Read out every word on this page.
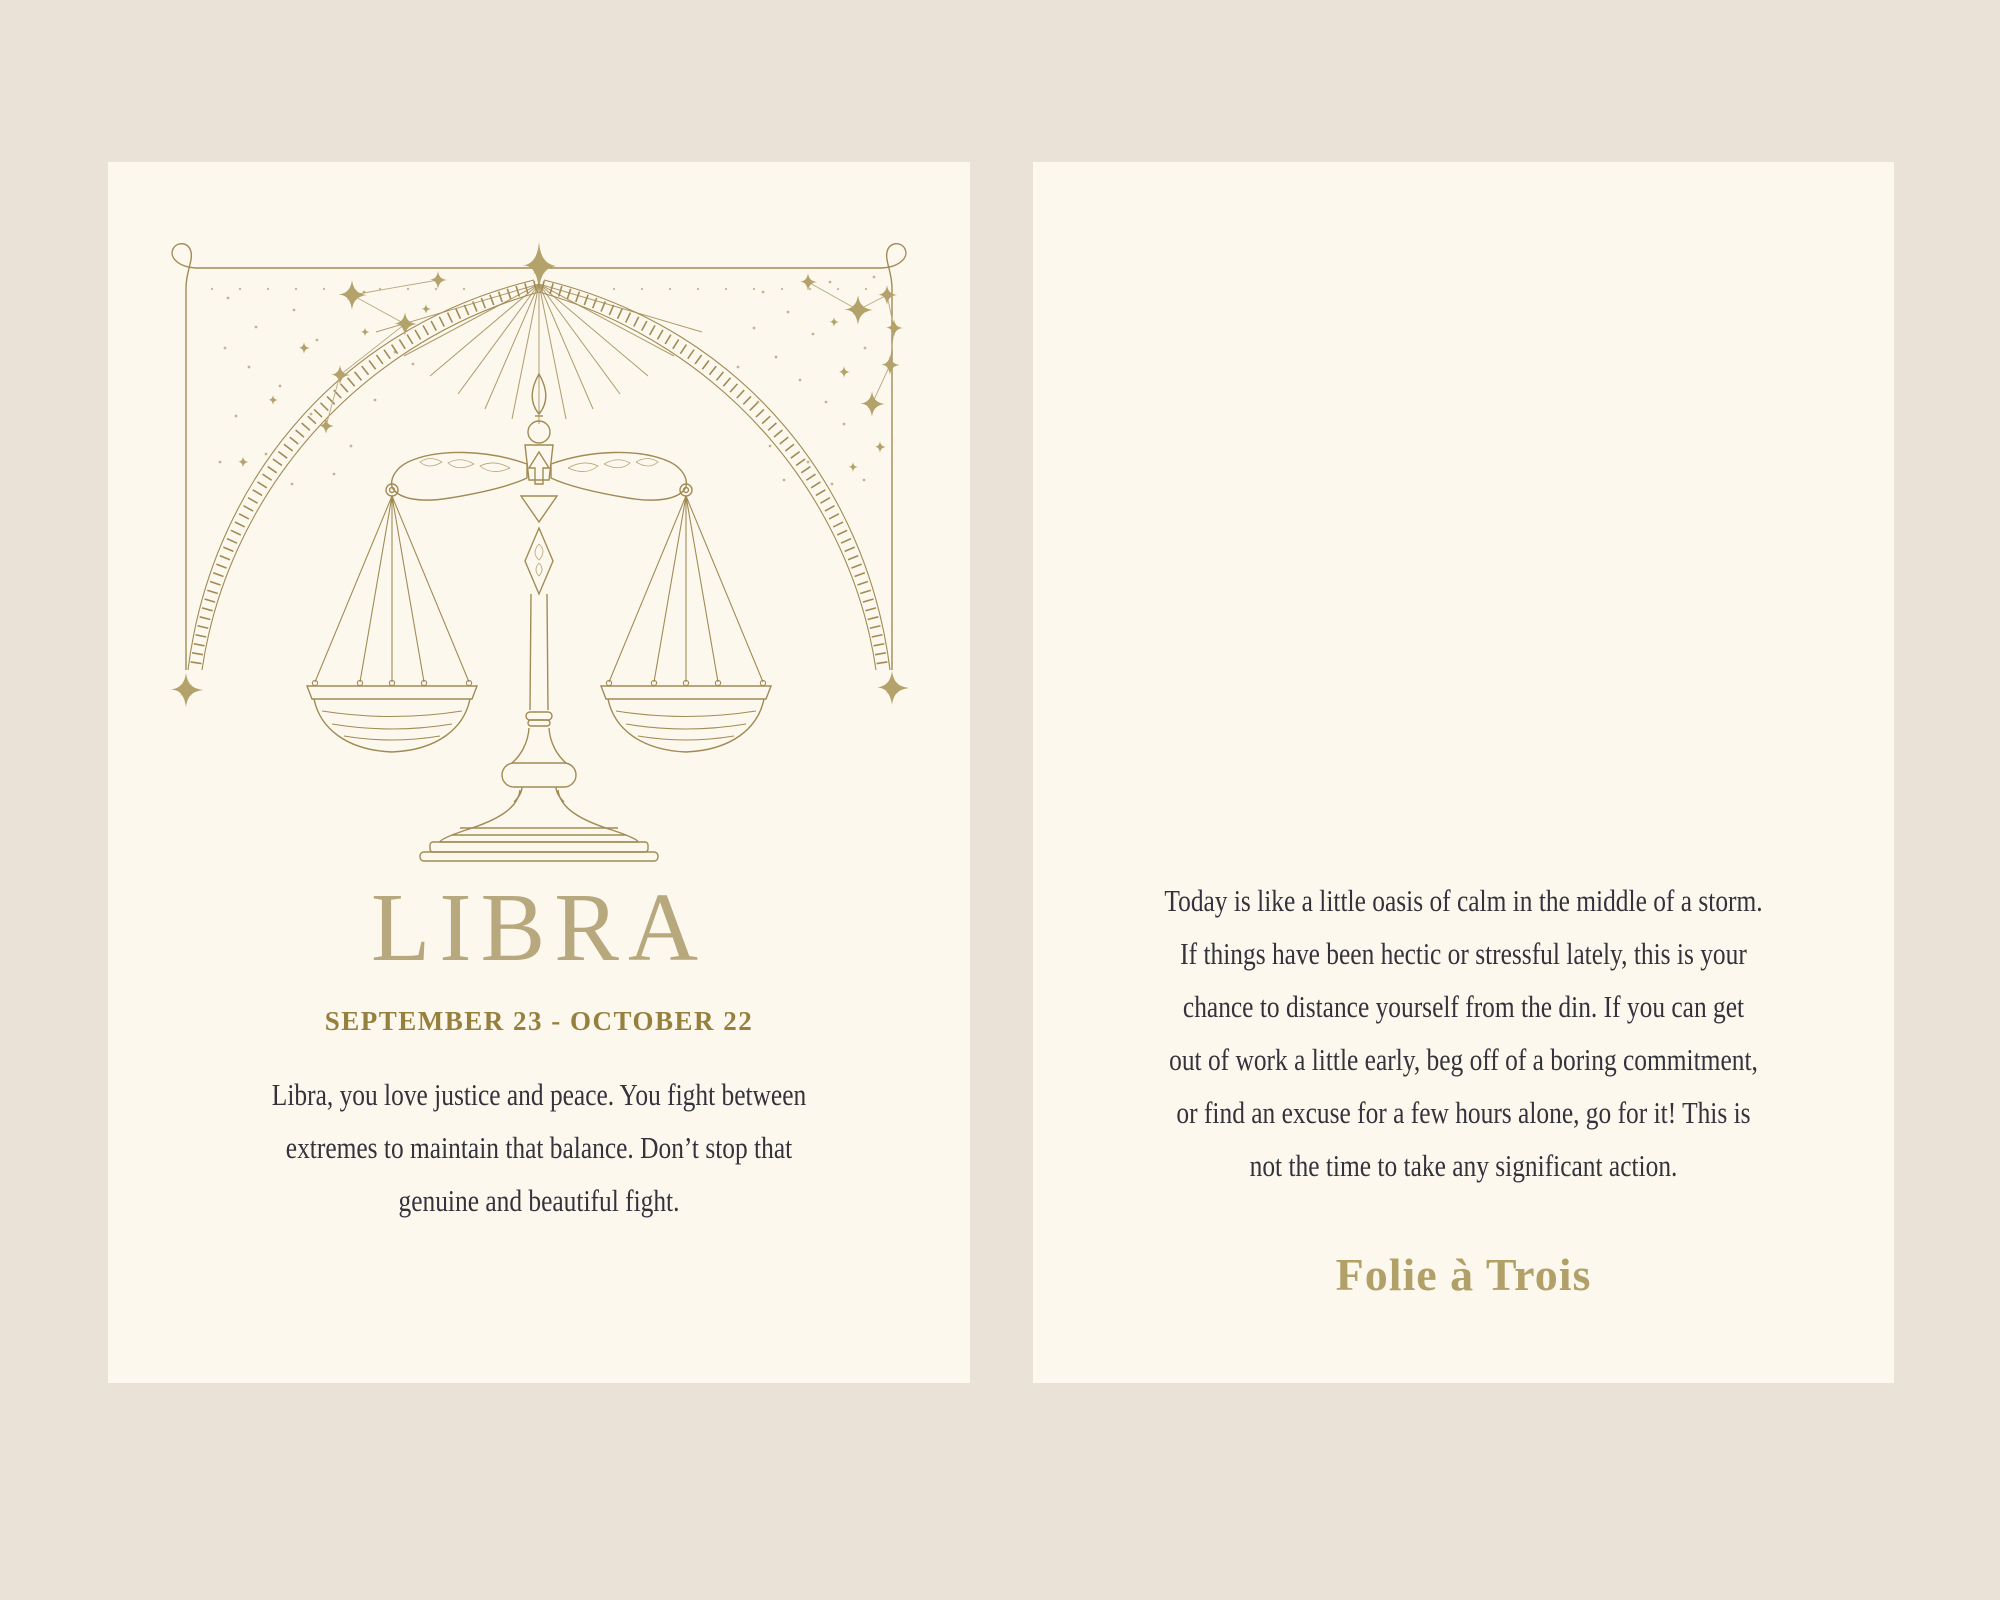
LIBRA
SEPTEMBER 23 - OCTOBER 22
Libra, you love justice and peace. You fight between
extremes to maintain that balance. Don’t stop that
genuine and beautiful fight.
Today is like a little oasis of calm in the middle of a storm.
If things have been hectic or stressful lately, this is your
chance to distance yourself from the din. If you can get
out of work a little early, beg off of a boring commitment,
or find an excuse for a few hours alone, go for it! This is
not the time to take any significant action.
Folie à Trois
